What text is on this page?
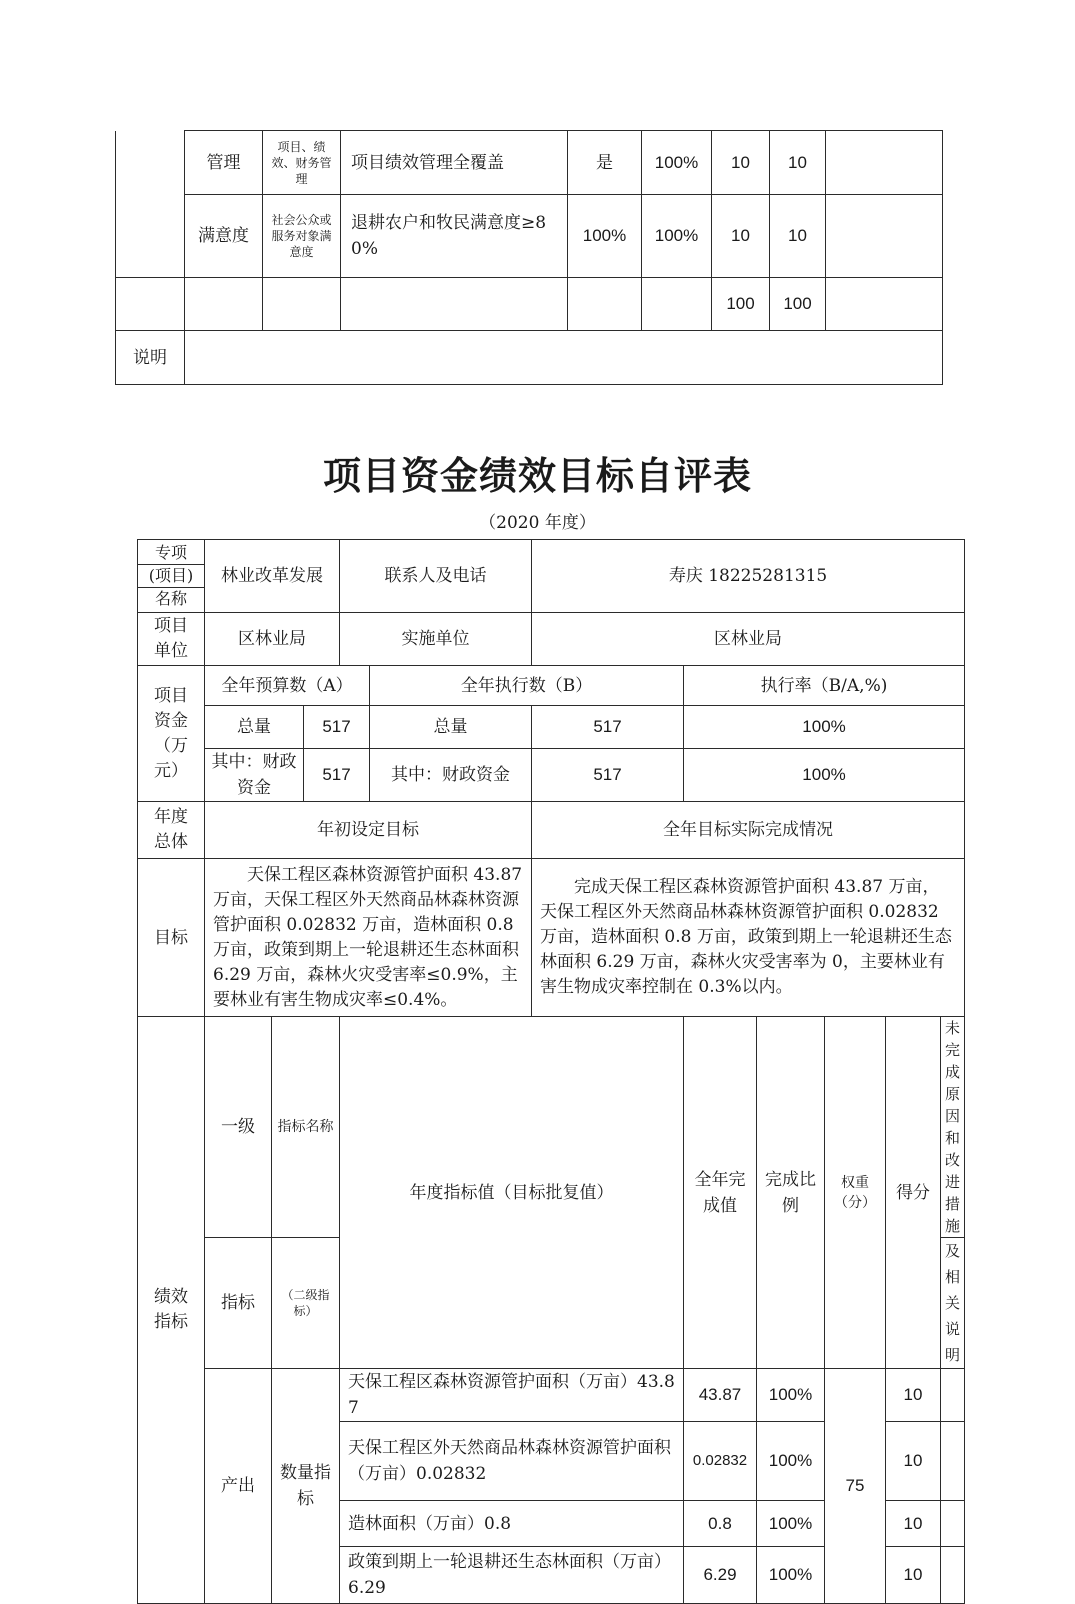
	管理	项目、绩效、财务管理	项目绩效管理全覆盖	是	100%	10	10	
	满意度	社会公众或服务对象满意度	退耕农户和牧民满意度≥80%	100%	100%	10	10	
						100	100	
说明								
项目资金绩效目标自评表
（2020 年度）
专项
(项目)
名称	林业改革发展			联系人及电话		寿庆 18225281315					

项目
单位	区林业局			实施单位		区林业局					

项目
资金
（万
元）	全年预算数（A）				全年执行数（B）		执行率（B/A,%)				
	总量		517		总量	517	100%				
	其中：财政资金		517		其中：财政资金	517	100%				

年度
总体	年初设定目标					全年目标实际完成情况					
目标	天保工程区森林资源管护面积 43.87 万亩，天保工程区外天然商品林森林资源管护面积 0.02832 万亩，造林面积 0.8 万亩，政策到期上一轮退耕还生态林面积 6.29 万亩，森林火灾受害率≤0.9%，主要林业有害生物成灾率≤0.4%。					完成天保工程区森林资源管护面积 43.87 万亩，天保工程区外天然商品林森林资源管护面积 0.02832 万亩，造林面积 0.8 万亩，政策到期上一轮退耕还生态林面积 6.29 万亩，森林火灾受害率为 0，主要林业有害生物成灾率控制在 0.3%以内。					

绩效
指标	一级	指标名称		年度指标值（目标批复值）			全年完成值	完成比例	权重（分）	得分	未完成原因和改进措施
	指标	（二级指标）									及相关说明
	产出	数量指标		天保工程区森林资源管护面积（万亩）43.87			43.87	100%	75	10	
				天保工程区外天然商品林森林资源管护面积（万亩）0.02832			0.02832	100%		10	
				造林面积（万亩）0.8			0.8	100%		10	
				政策到期上一轮退耕还生态林面积（万亩）6.29			6.29	100%		10	
